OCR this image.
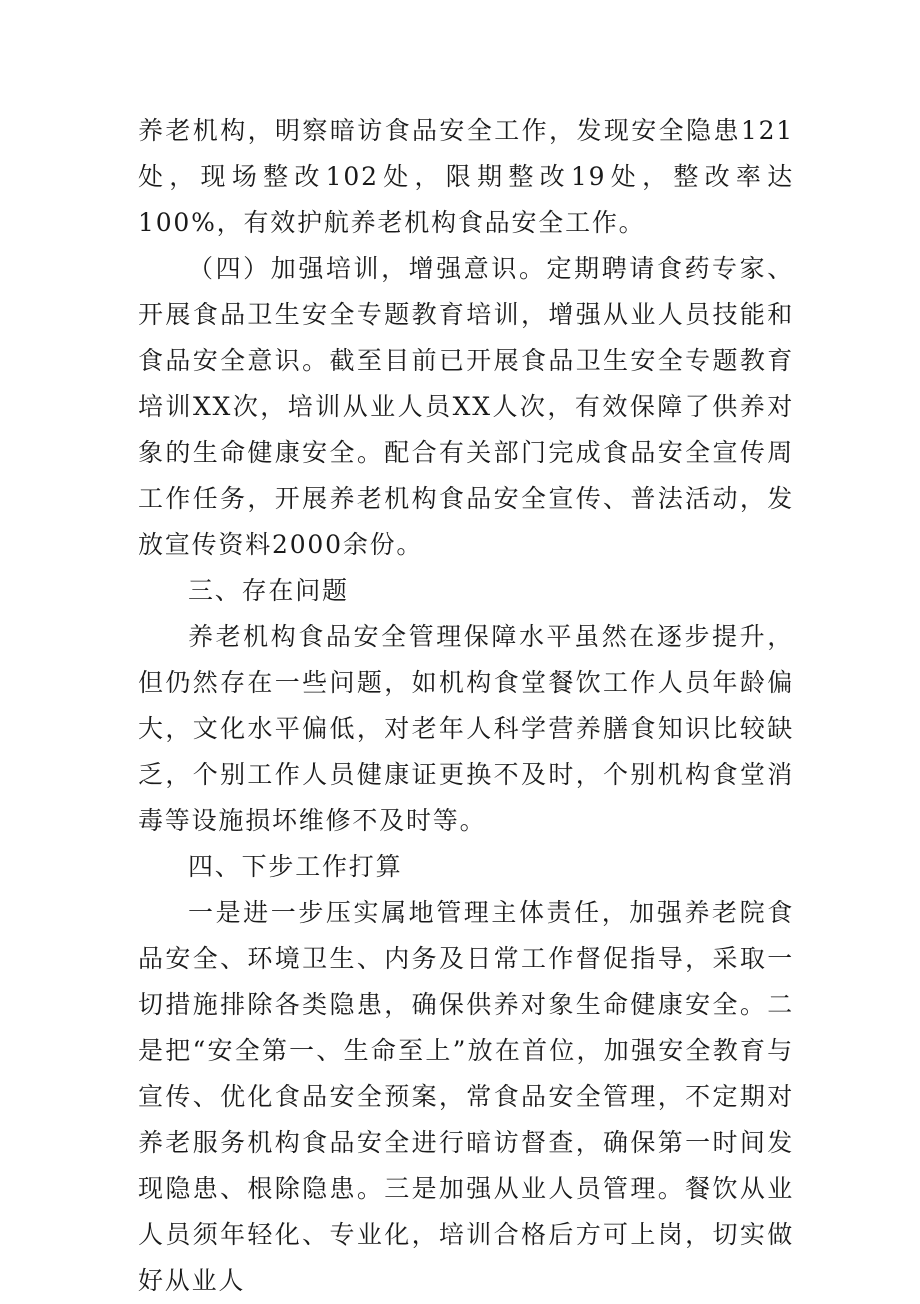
养老机构，明察暗访食品安全工作，发现安全隐患121处，现场整改102处，限期整改19处，整改率达100%，有效护航养老机构食品安全工作。

（四）加强培训，增强意识。定期聘请食药专家、开展食品卫生安全专题教育培训，增强从业人员技能和食品安全意识。截至目前已开展食品卫生安全专题教育培训XX次，培训从业人员XX人次，有效保障了供养对象的生命健康安全。配合有关部门完成食品安全宣传周工作任务，开展养老机构食品安全宣传、普法活动，发放宣传资料2000余份。

三、存在问题

养老机构食品安全管理保障水平虽然在逐步提升，但仍然存在一些问题，如机构食堂餐饮工作人员年龄偏大，文化水平偏低，对老年人科学营养膳食知识比较缺乏，个别工作人员健康证更换不及时，个别机构食堂消毒等设施损坏维修不及时等。

四、下步工作打算

一是进一步压实属地管理主体责任，加强养老院食品安全、环境卫生、内务及日常工作督促指导，采取一切措施排除各类隐患，确保供养对象生命健康安全。二是把“安全第一、生命至上”放在首位，加强安全教育与宣传、优化食品安全预案，常食品安全管理，不定期对养老服务机构食品安全进行暗访督查，确保第一时间发现隐患、根除隐患。三是加强从业人员管理。餐饮从业人员须年轻化、专业化，培训合格后方可上岗，切实做好从业人
